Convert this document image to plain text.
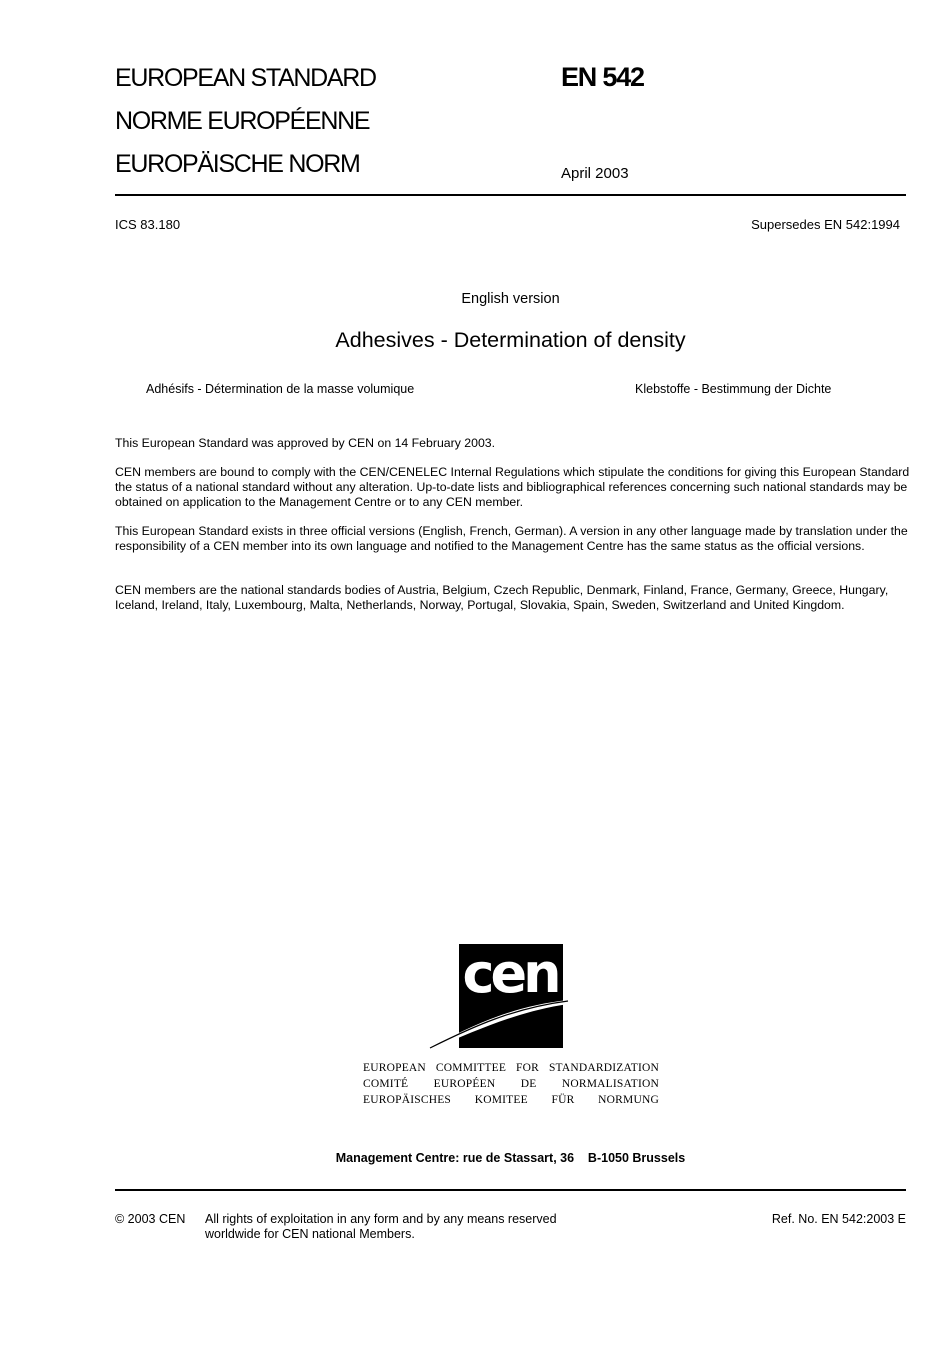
EUROPEAN STANDARD
NORME EUROPÉENNE
EUROPÄISCHE NORM
EN 542
April 2003
ICS 83.180	Supersedes EN 542:1994
English version
Adhesives - Determination of density
Adhésifs - Détermination de la masse volumique	Klebstoffe - Bestimmung der Dichte

This European Standard was approved by CEN on 14 February 2003.

CEN members are bound to comply with the CEN/CENELEC Internal Regulations which stipulate the conditions for giving this European Standard the status of a national standard without any alteration. Up-to-date lists and bibliographical references concerning such national standards may be obtained on application to the Management Centre or to any CEN member.

This European Standard exists in three official versions (English, French, German). A version in any other language made by translation under the responsibility of a CEN member into its own language and notified to the Management Centre has the same status as the official versions.

CEN members are the national standards bodies of Austria, Belgium, Czech Republic, Denmark, Finland, France, Germany, Greece, Hungary, Iceland, Ireland, Italy, Luxembourg, Malta, Netherlands, Norway, Portugal, Slovakia, Spain, Sweden, Switzerland and United Kingdom.

cen
EUROPEAN COMMITTEE FOR STANDARDIZATION
COMITÉ EUROPÉEN DE NORMALISATION
EUROPÄISCHES KOMITEE FÜR NORMUNG
Management Centre: rue de Stassart, 36    B-1050 Brussels
© 2003 CEN All rights of exploitation in any form and by any means reserved
worldwide for CEN national Members.
Ref. No. EN 542:2003 E
